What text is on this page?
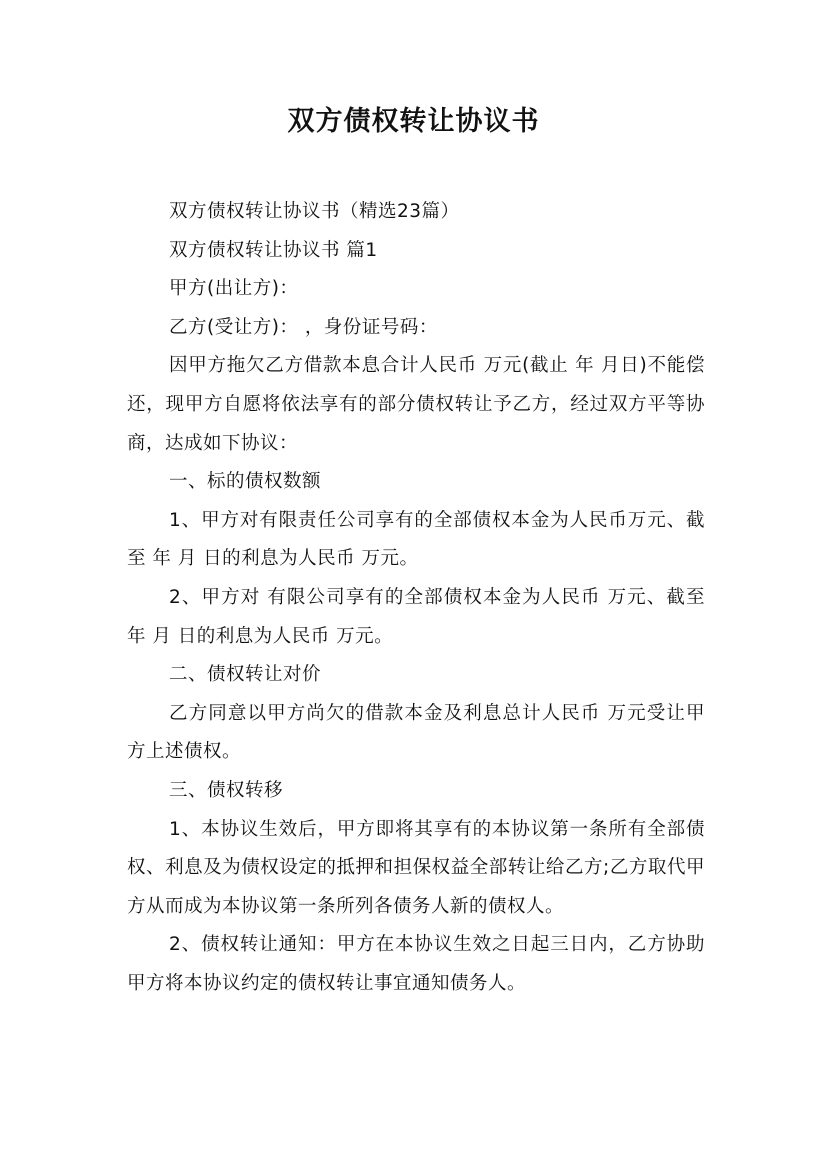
双方债权转让协议书

双方债权转让协议书（精选23篇）

双方债权转让协议书 篇1

甲方(出让方)：

乙方(受让方)： ，身份证号码：

因甲方拖欠乙方借款本息合计人民币 万元(截止 年 月日)不能偿还，现甲方自愿将依法享有的部分债权转让予乙方，经过双方平等协商，达成如下协议：

一、标的债权数额

1、甲方对有限责任公司享有的全部债权本金为人民币万元、截至 年 月 日的利息为人民币 万元。

2、甲方对 有限公司享有的全部债权本金为人民币 万元、截至 年 月 日的利息为人民币 万元。

二、债权转让对价

乙方同意以甲方尚欠的借款本金及利息总计人民币 万元受让甲方上述债权。

三、债权转移

1、本协议生效后，甲方即将其享有的本协议第一条所有全部债权、利息及为债权设定的抵押和担保权益全部转让给乙方;乙方取代甲方从而成为本协议第一条所列各债务人新的债权人。

2、债权转让通知：甲方在本协议生效之日起三日内，乙方协助甲方将本协议约定的债权转让事宜通知债务人。
